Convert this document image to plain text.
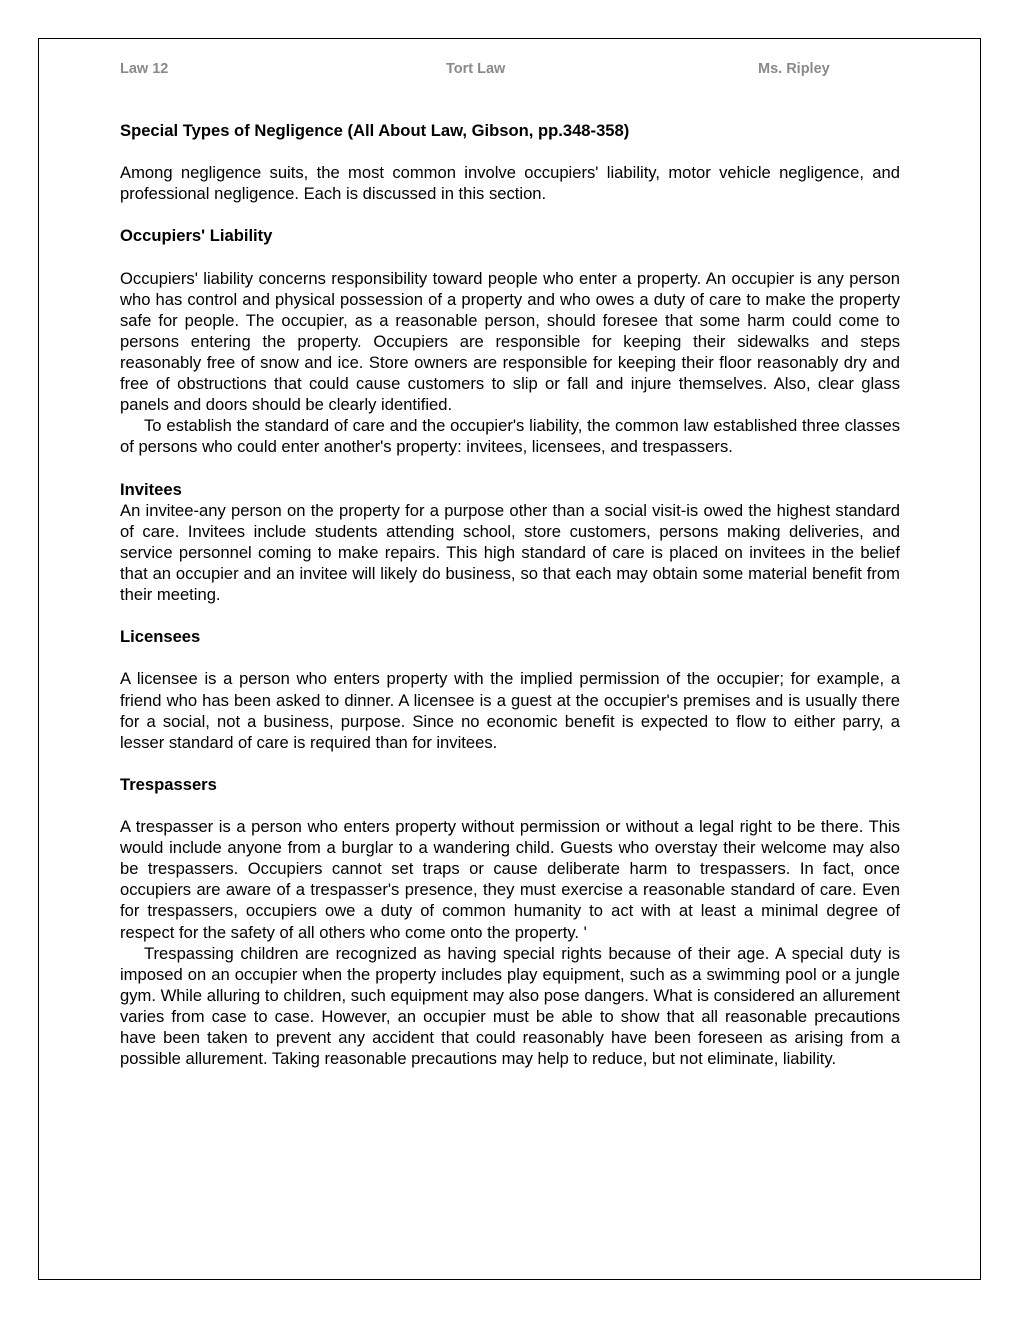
Law 12	Tort Law	Ms. Ripley

Special Types of Negligence (All About Law, Gibson, pp.348-358)

Among negligence suits, the most common involve occupiers' liability, motor vehicle negligence, and professional negligence. Each is discussed in this section.

Occupiers' Liability

Occupiers' liability concerns responsibility toward people who enter a property. An occupier is any person who has control and physical possession of a property and who owes a duty of care to make the property safe for people. The occupier, as a reasonable person, should foresee that some harm could come to persons entering the property. Occupiers are responsible for keeping their sidewalks and steps reasonably free of snow and ice. Store owners are responsible for keeping their floor reasonably dry and free of obstructions that could cause customers to slip or fall and injure themselves. Also, clear glass panels and doors should be clearly identified.

To establish the standard of care and the occupier's liability, the common law established three classes of persons who could enter another's property: invitees, licensees, and trespassers.

Invitees

An invitee-any person on the property for a purpose other than a social visit-is owed the highest standard of care. Invitees include students attending school, store customers, persons making deliveries, and service personnel coming to make repairs. This high standard of care is placed on invitees in the belief that an occupier and an invitee will likely do business, so that each may obtain some material benefit from their meeting.

Licensees

A licensee is a person who enters property with the implied permission of the occupier; for example, a friend who has been asked to dinner. A licensee is a guest at the occupier's premises and is usually there for a social, not a business, purpose. Since no economic benefit is expected to flow to either parry, a lesser standard of care is required than for invitees.

Trespassers

A trespasser is a person who enters property without permission or without a legal right to be there. This would include anyone from a burglar to a wandering child. Guests who overstay their welcome may also be trespassers. Occupiers cannot set traps or cause deliberate harm to trespassers. In fact, once occupiers are aware of a trespasser's presence, they must exercise a reasonable standard of care. Even for trespassers, occupiers owe a duty of common humanity to act with at least a minimal degree of respect for the safety of all others who come onto the property. '

Trespassing children are recognized as having special rights because of their age. A special duty is imposed on an occupier when the property includes play equipment, such as a swimming pool or a jungle gym. While alluring to children, such equipment may also pose dangers. What is considered an allurement varies from case to case. However, an occupier must be able to show that all reasonable precautions have been taken to prevent any accident that could reasonably have been foreseen as arising from a possible allurement. Taking reasonable precautions may help to reduce, but not eliminate, liability.
